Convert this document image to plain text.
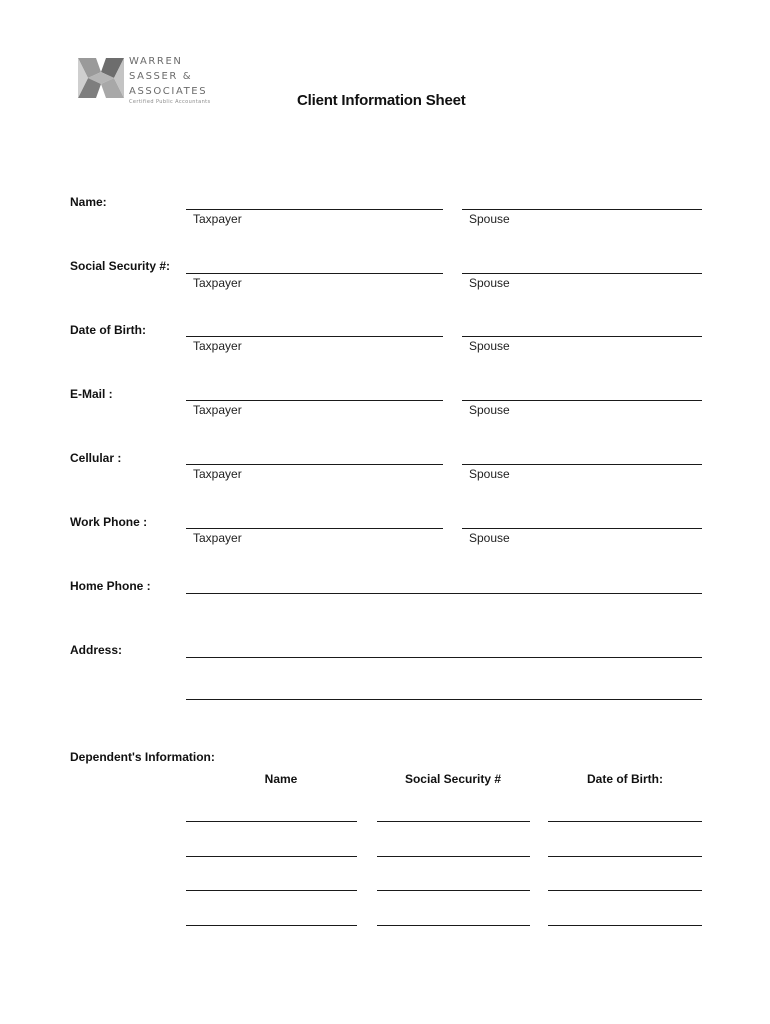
WARREN
SASSER &
ASSOCIATES
Certified Public Accountants	Client Information Sheet
Name:
Taxpayer	Spouse
Social Security #:
Taxpayer	Spouse
Date of Birth:
Taxpayer	Spouse
E-Mail :
Taxpayer	Spouse
Cellular :
Taxpayer	Spouse
Work Phone :
Taxpayer	Spouse
Home Phone :
Address:
Dependent's Information:
Name	Social Security #	Date of Birth:
